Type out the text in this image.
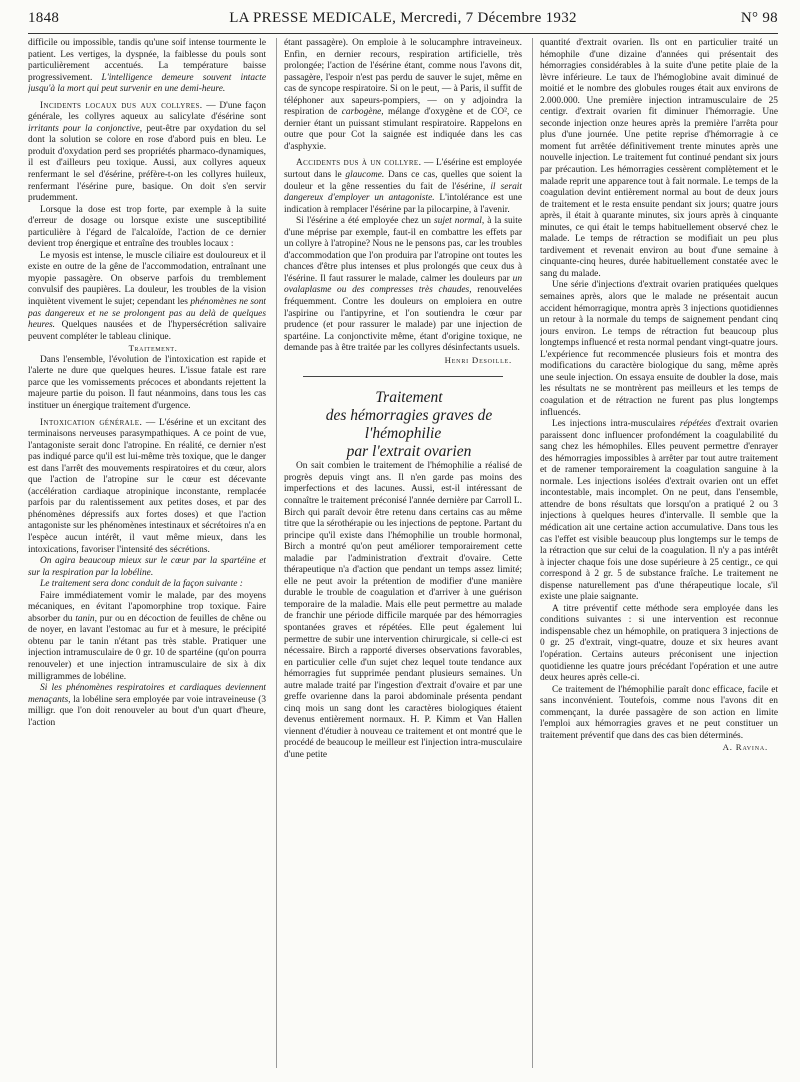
1848	LA PRESSE MEDICALE, Mercredi, 7 Décembre 1932	N° 98

difficile ou impossible, tandis qu'une soif intense tourmente le patient. Les vertiges, la dyspnée, la faiblesse du pouls sont particulièrement accentués. La température baisse progressivement. L'intelligence demeure souvent intacte jusqu'à la mort qui peut survenir en une demi-heure.

Incidents locaux dus aux collyres. — D'une façon générale, les collyres aqueux au salicylate d'ésérine sont irritants pour la conjonctive, peut-être par oxydation du sel dont la solution se colore en rose d'abord puis en bleu. Le produit d'oxydation perd ses propriétés pharmaco-dynamiques, il est d'ailleurs peu toxique. Aussi, aux collyres aqueux renfermant le sel d'ésérine, préfère-t-on les collyres huileux, renfermant l'ésérine pure, basique. On doit s'en servir prudemment.

Lorsque la dose est trop forte, par exemple à la suite d'erreur de dosage ou lorsque existe une susceptibilité particulière à l'égard de l'alcaloïde, l'action de ce dernier devient trop énergique et entraîne des troubles locaux :

Le myosis est intense, le muscle ciliaire est douloureux et il existe en outre de la gêne de l'accommodation, entraînant une myopie passagère. On observe parfois du tremblement convulsif des paupières. La douleur, les troubles de la vision inquiètent vivement le sujet; cependant les phénomènes ne sont pas dangereux et ne se prolongent pas au delà de quelques heures. Quelques nausées et de l'hypersécrétion salivaire peuvent compléter le tableau clinique.

Traitement.

Dans l'ensemble, l'évolution de l'intoxication est rapide et l'alerte ne dure que quelques heures. L'issue fatale est rare parce que les vomissements précoces et abondants rejettent la majeure partie du poison. Il faut néanmoins, dans tous les cas instituer un énergique traitement d'urgence.

Intoxication générale. — L'ésérine et un excitant des terminaisons nerveuses parasympathiques. A ce point de vue, l'antagoniste serait donc l'atropine. En réalité, ce dernier n'est pas indiqué parce qu'il est lui-même très toxique, que le danger est dans l'arrêt des mouvements respiratoires et du cœur, alors que l'action de l'atropine sur le cœur est décevante (accélération cardiaque atropinique inconstante, remplacée parfois par du ralentissement aux petites doses, et par des phénomènes dépressifs aux fortes doses) et que l'action antagoniste sur les phénomènes intestinaux et sécrétoires n'a en l'espèce aucun intérêt, il vaut même mieux, dans les intoxications, favoriser l'intensité des sécrétions.

On agira beaucoup mieux sur le cœur par la spartéine et sur la respiration par la lobéline.

Le traitement sera donc conduit de la façon suivante :

Faire immédiatement vomir le malade, par des moyens mécaniques, en évitant l'apomorphine trop toxique. Faire absorber du tanin, pur ou en décoction de feuilles de chêne ou de noyer, en lavant l'estomac au fur et à mesure, le précipité obtenu par le tanin n'étant pas très stable. Pratiquer une injection intramusculaire de 0 gr. 10 de spartéine (qu'on pourra renouveler) et une injection intramusculaire de six à dix milligrammes de lobéline.

Si les phénomènes respiratoires et cardiaques deviennent menaçants, la lobéline sera employée par voie intraveineuse (3 milligr. que l'on doit renouveler au bout d'un quart d'heure, l'action

étant passagère). On emploie à le solucamphre intraveineux. Enfin, en dernier recours, respiration artificielle, très prolongée; l'action de l'ésérine étant, comme nous l'avons dit, passagère, l'espoir n'est pas perdu de sauver le sujet, même en cas de syncope respiratoire. Si on le peut, — à Paris, il suffit de téléphoner aux sapeurs-pompiers, — on y adjoindra la respiration de carbogène, mélange d'oxygène et de CO², ce dernier étant un puissant stimulant respiratoire. Rappelons en outre que pour Cot la saignée est indiquée dans les cas d'asphyxie.

Accidents dus à un collyre. — L'ésérine est employée surtout dans le glaucome. Dans ce cas, quelles que soient la douleur et la gêne ressenties du fait de l'ésérine, il serait dangereux d'employer un antagoniste. L'intolérance est une indication à remplacer l'ésérine par la pilocarpine, à l'avenir.

Si l'ésérine a été employée chez un sujet normal, à la suite d'une méprise par exemple, faut-il en combattre les effets par un collyre à l'atropine? Nous ne le pensons pas, car les troubles d'accommodation que l'on produira par l'atropine ont toutes les chances d'être plus intenses et plus prolongés que ceux dus à l'ésérine. Il faut rassurer le malade, calmer les douleurs par un ovalaplasme ou des compresses très chaudes, renouvelées fréquemment. Contre les douleurs on emploiera en outre l'aspirine ou l'antipyrine, et l'on soutiendra le cœur par prudence (et pour rassurer le malade) par une injection de spartéine. La conjonctivite même, étant d'origine toxique, ne demande pas à être traitée par les collyres désinfectants usuels.

Henri Desoille.

Traitement
des hémorragies graves de l'hémophilie
par l'extrait ovarien

On sait combien le traitement de l'hémophilie a réalisé de progrès depuis vingt ans. Il n'en garde pas moins des imperfections et des lacunes. Aussi, est-il intéressant de connaître le traitement préconisé l'année dernière par Carroll L. Birch qui paraît devoir être retenu dans certains cas au même titre que la sérothérapie ou les injections de peptone. Partant du principe qu'il existe dans l'hémophilie un trouble hormonal, Birch a montré qu'on peut améliorer temporairement cette maladie par l'administration d'extrait d'ovaire. Cette thérapeutique n'a d'action que pendant un temps assez limité; elle ne peut avoir la prétention de modifier d'une manière durable le trouble de coagulation et d'arriver à une guérison temporaire de la maladie. Mais elle peut permettre au malade de franchir une période difficile marquée par des hémorragies spontanées graves et répétées. Elle peut également lui permettre de subir une intervention chirurgicale, si celle-ci est nécessaire. Birch a rapporté diverses observations favorables, en particulier celle d'un sujet chez lequel toute tendance aux hémorragies fut supprimée pendant plusieurs semaines. Un autre malade traité par l'ingestion d'extrait d'ovaire et par une greffe ovarienne dans la paroi abdominale présenta pendant cinq mois un sang dont les caractères biologiques étaient devenus entièrement normaux. H. P. Kimm et Van Hallen viennent d'étudier à nouveau ce traitement et ont montré que le procédé de beaucoup le meilleur est l'injection intra-musculaire d'une petite

quantité d'extrait ovarien. Ils ont en particulier traité un hémophile d'une dizaine d'années qui présentait des hémorragies considérables à la suite d'une petite plaie de la lèvre inférieure. Le taux de l'hémoglobine avait diminué de moitié et le nombre des globules rouges était aux environs de 2.000.000. Une première injection intramusculaire de 25 centigr. d'extrait ovarien fit diminuer l'hémorragie. Une seconde injection onze heures après la première l'arrêta pour plus d'une journée. Une petite reprise d'hémorragie à ce moment fut arrêtée définitivement trente minutes après une nouvelle injection. Le traitement fut continué pendant six jours par précaution. Les hémorragies cessèrent complètement et le malade reprit une apparence tout à fait normale. Le temps de la coagulation devint entièrement normal au bout de deux jours de traitement et le resta ensuite pendant six jours; quatre jours après, il était à quarante minutes, six jours après à cinquante minutes, ce qui était le temps habituellement observé chez le malade. Le temps de rétraction se modifiait un peu plus tardivement et revenait environ au bout d'une semaine à cinquante-cinq heures, durée habituellement constatée avec le sang du malade.

Une série d'injections d'extrait ovarien pratiquées quelques semaines après, alors que le malade ne présentait aucun accident hémorragique, montra après 3 injections quotidiennes un retour à la normale du temps de saignement pendant cinq jours environ. Le temps de rétraction fut beaucoup plus longtemps influencé et resta normal pendant vingt-quatre jours. L'expérience fut recommencée plusieurs fois et montra des modifications du caractère biologique du sang, même après une seule injection. On essaya ensuite de doubler la dose, mais les résultats ne se montrèrent pas meilleurs et les temps de coagulation et de rétraction ne furent pas plus longtemps influencés.

Les injections intra-musculaires répétées d'extrait ovarien paraissent donc influencer profondément la coagulabilité du sang chez les hémophiles. Elles peuvent permettre d'enrayer des hémorragies impossibles à arrêter par tout autre traitement et de ramener temporairement la coagulation sanguine à la normale. Les injections isolées d'extrait ovarien ont un effet incontestable, mais incomplet. On ne peut, dans l'ensemble, attendre de bons résultats que lorsqu'on a pratiqué 2 ou 3 injections à quelques heures d'intervalle. Il semble que la médication ait une certaine action accumulative. Dans tous les cas l'effet est visible beaucoup plus longtemps sur le temps de la rétraction que sur celui de la coagulation. Il n'y a pas intérêt à injecter chaque fois une dose supérieure à 25 centigr., ce qui correspond à 2 gr. 5 de substance fraîche. Le traitement ne dispense naturellement pas d'une thérapeutique locale, s'il existe une plaie saignante.

A titre préventif cette méthode sera employée dans les conditions suivantes : si une intervention est reconnue indispensable chez un hémophile, on pratiquera 3 injections de 0 gr. 25 d'extrait, vingt-quatre, douze et six heures avant l'opération. Certains auteurs préconisent une injection quotidienne les quatre jours précédant l'opération et une autre deux heures après celle-ci.

Ce traitement de l'hémophilie paraît donc efficace, facile et sans inconvénient. Toutefois, comme nous l'avons dit en commençant, la durée passagère de son action en limite l'emploi aux hémorragies graves et ne peut constituer un traitement préventif que dans des cas bien déterminés.

A. Ravina.
